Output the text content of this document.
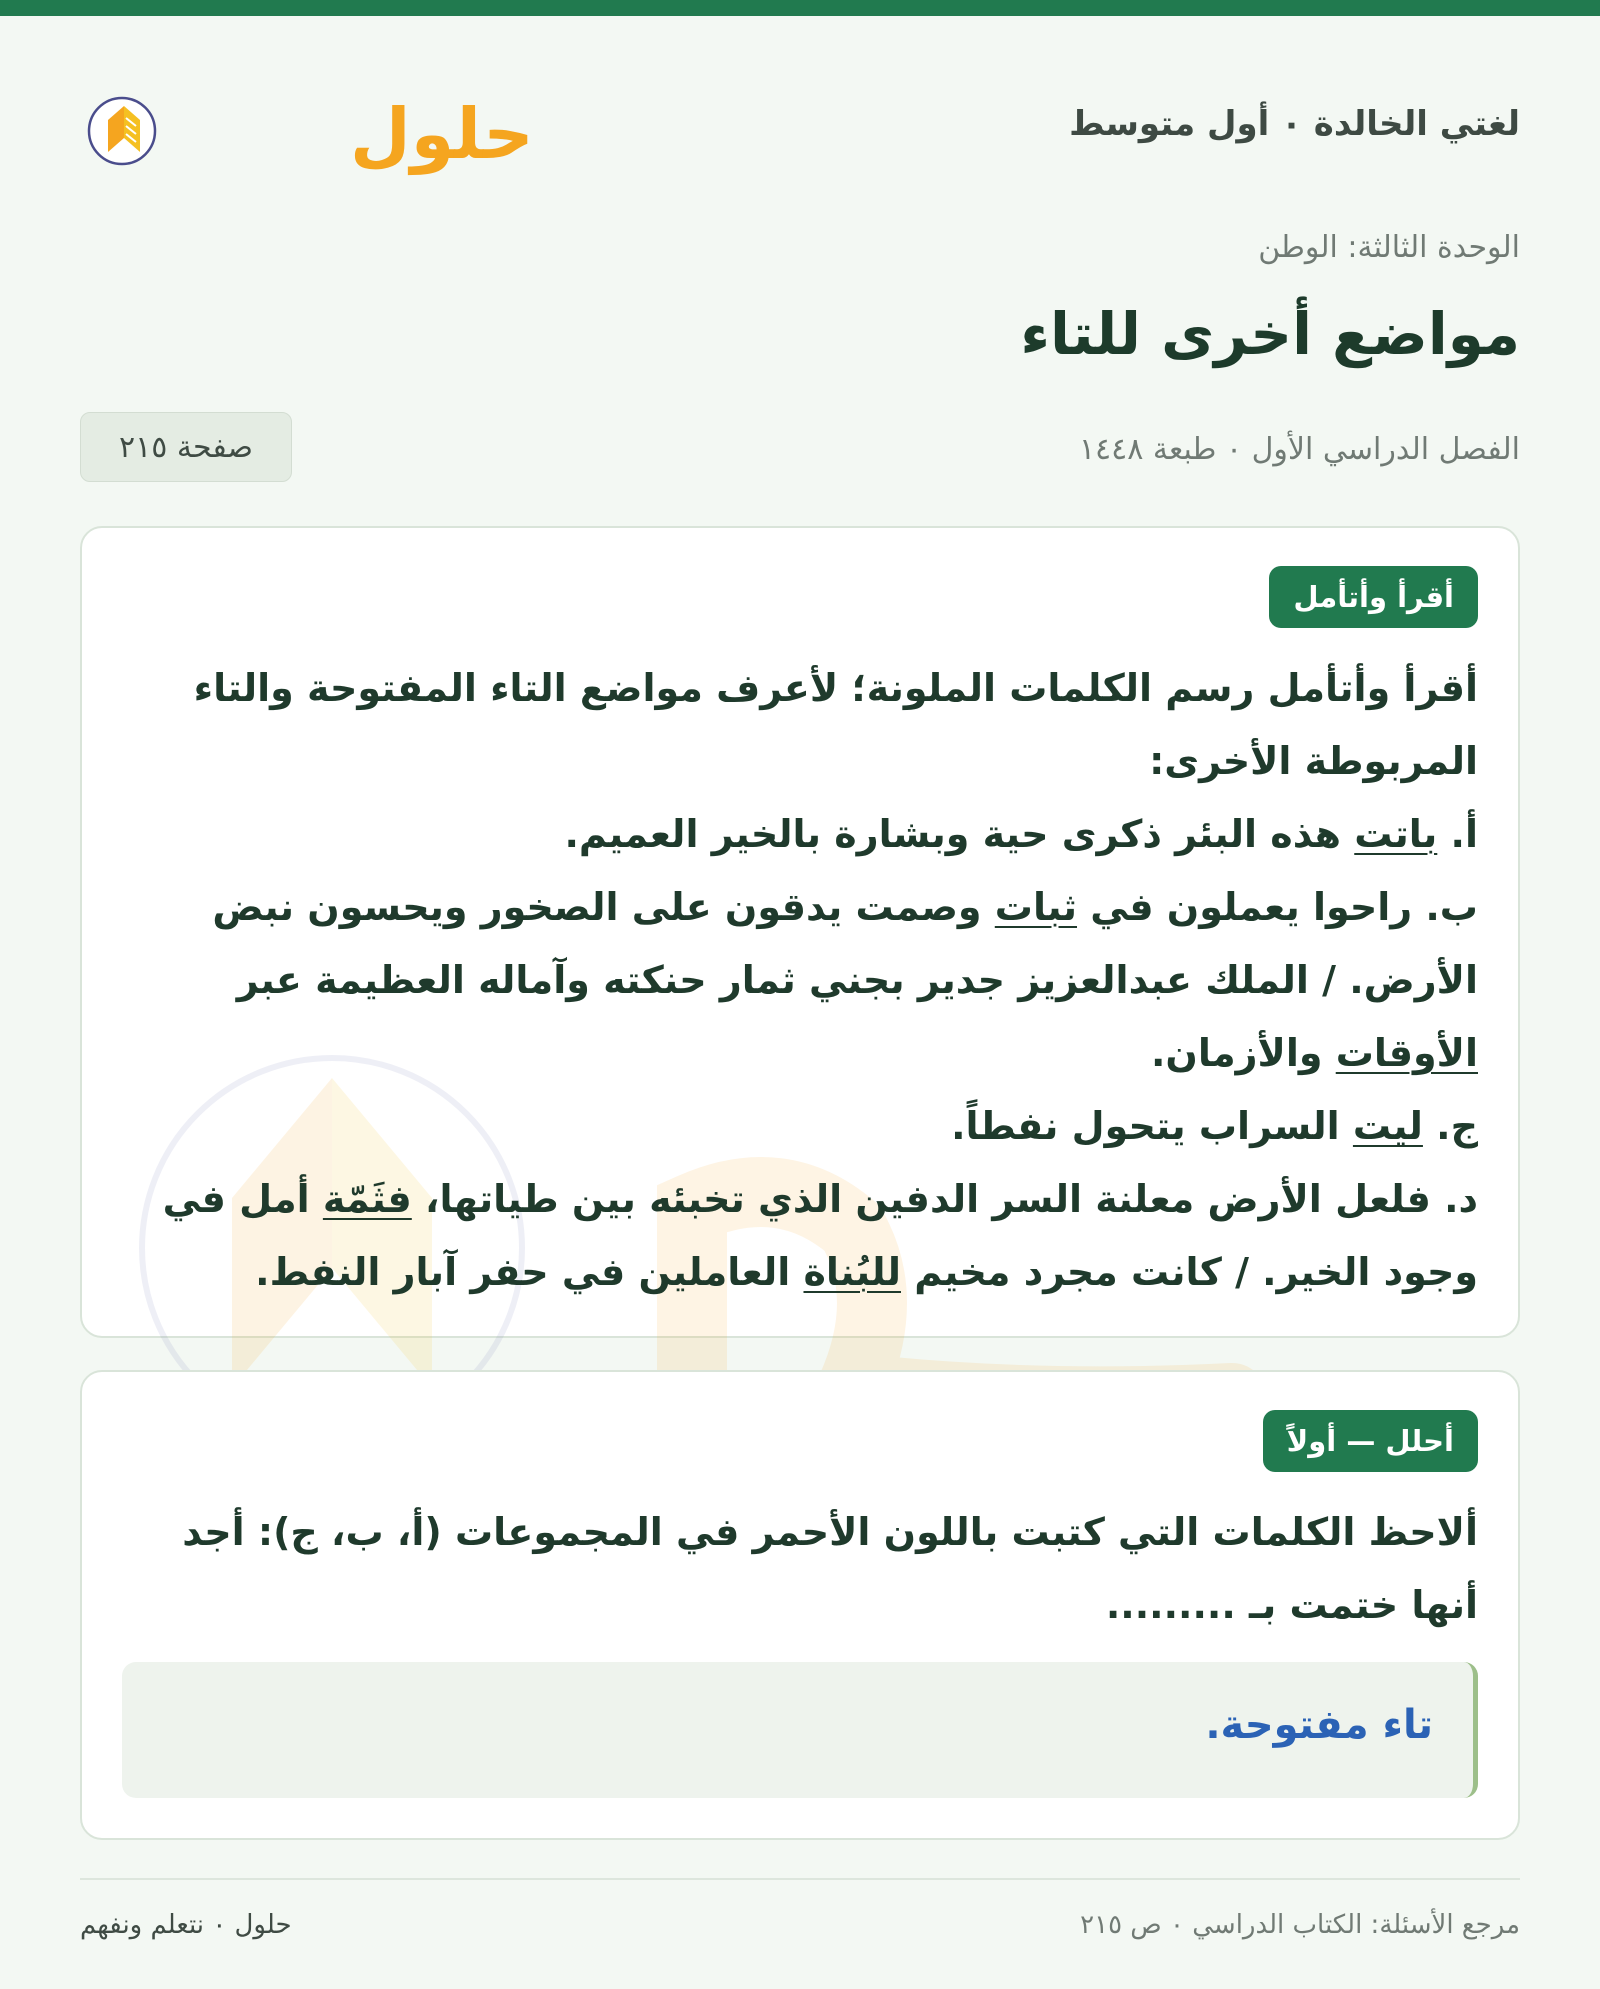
لغتي الخالدة ٠ أول متوسط
حلول
الوحدة الثالثة: الوطن
مواضع أخرى للتاء
الفصل الدراسي الأول ٠ طبعة ١٤٤٨
صفحة ٢١٥
أقرأ وأتأمل

أقرأ وأتأمل رسم الكلمات الملونة؛ لأعرف مواضع التاء المفتوحة والتاء المربوطة الأخرى:

أ. باتت هذه البئر ذكرى حية وبشارة بالخير العميم.

ب. راحوا يعملون في ثبات وصمت يدقون على الصخور ويحسون نبض الأرض. / الملك عبدالعزيز جدير بجني ثمار حنكته وآماله العظيمة عبر الأوقات والأزمان.

ج. ليت السراب يتحول نفطاً.

د. فلعل الأرض معلنة السر الدفين الذي تخبئه بين طياتها، فثَمّة أمل في وجود الخير. / كانت مجرد مخيم للبُناة العاملين في حفر آبار النفط.

أحلل — أولاً
ألاحظ الكلمات التي كتبت باللون الأحمر في المجموعات (أ، ب، ج): أجد أنها ختمت بـ .........
تاء مفتوحة.
مرجع الأسئلة: الكتاب الدراسي ٠ ص ٢١٥
حلول ٠ نتعلم ونفهم
